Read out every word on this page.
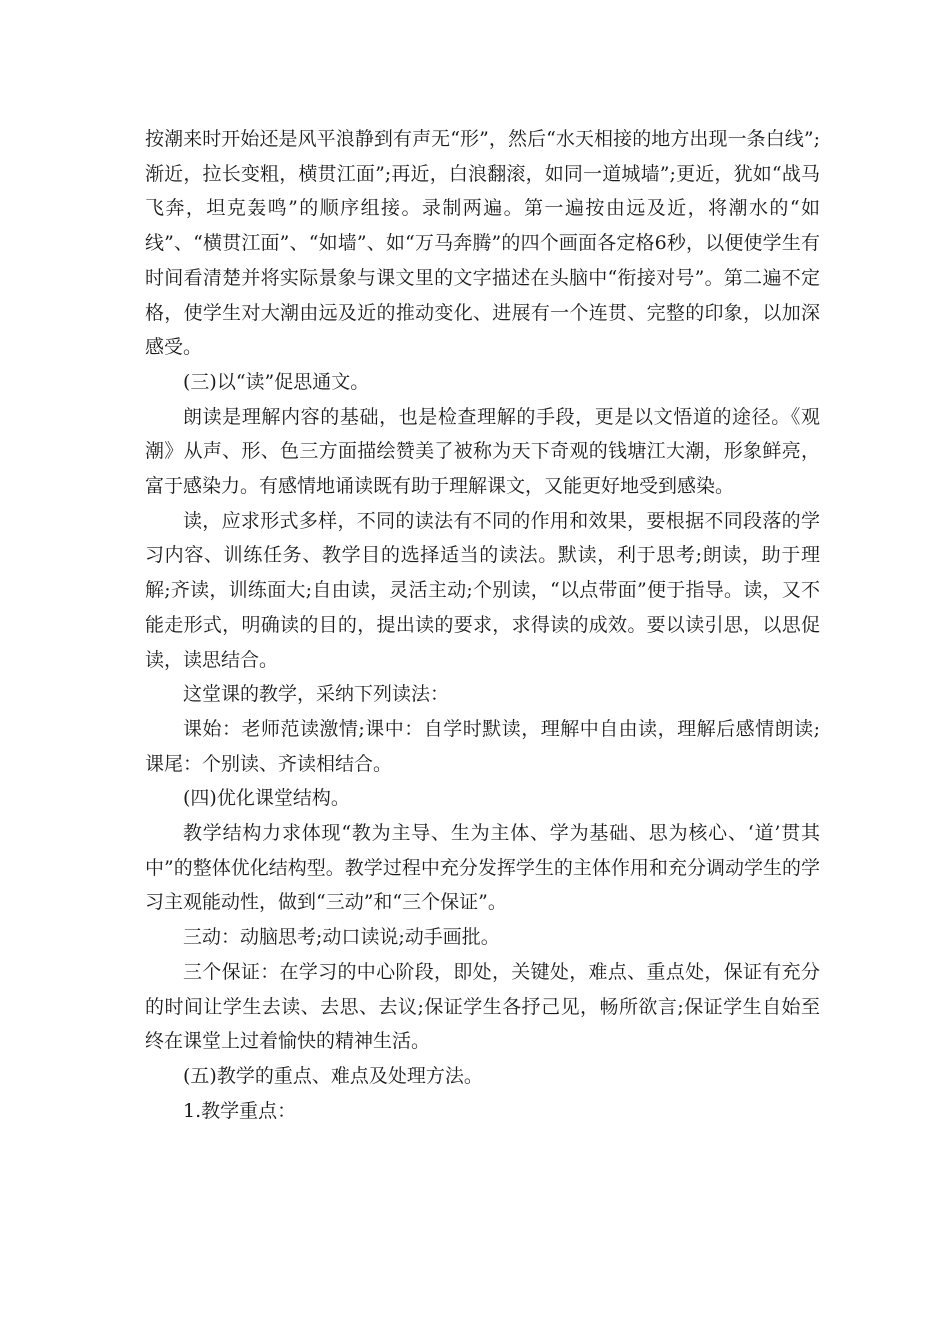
按潮来时开始还是风平浪静到有声无“形”，然后“水天相接的地方出现一条白线”;渐近，拉长变粗，横贯江面”;再近，白浪翻滚，如同一道城墙”;更近，犹如“战马飞奔，坦克轰鸣”的顺序组接。录制两遍。第一遍按由远及近，将潮水的“如线”、“横贯江面”、“如墙”、如“万马奔腾”的四个画面各定格6秒，以便使学生有时间看清楚并将实际景象与课文里的文字描述在头脑中“衔接对号”。第二遍不定格，使学生对大潮由远及近的推动变化、进展有一个连贯、完整的印象，以加深感受。

(三)以“读”促思通文。

朗读是理解内容的基础，也是检查理解的手段，更是以文悟道的途径。《观潮》从声、形、色三方面描绘赞美了被称为天下奇观的钱塘江大潮，形象鲜亮，富于感染力。有感情地诵读既有助于理解课文，又能更好地受到感染。

读，应求形式多样，不同的读法有不同的作用和效果，要根据不同段落的学习内容、训练任务、教学目的选择适当的读法。默读，利于思考;朗读，助于理解;齐读，训练面大;自由读，灵活主动;个别读，“以点带面”便于指导。读，又不能走形式，明确读的目的，提出读的要求，求得读的成效。要以读引思，以思促读，读思结合。

这堂课的教学，采纳下列读法：

课始：老师范读激情;课中：自学时默读，理解中自由读，理解后感情朗读;课尾：个别读、齐读相结合。

(四)优化课堂结构。

教学结构力求体现“教为主导、生为主体、学为基础、思为核心、‘道’贯其中”的整体优化结构型。教学过程中充分发挥学生的主体作用和充分调动学生的学习主观能动性，做到“三动”和“三个保证”。

三动：动脑思考;动口读说;动手画批。

三个保证：在学习的中心阶段，即处，关键处，难点、重点处，保证有充分的时间让学生去读、去思、去议;保证学生各抒己见，畅所欲言;保证学生自始至终在课堂上过着愉快的精神生活。

(五)教学的重点、难点及处理方法。

1.教学重点：
